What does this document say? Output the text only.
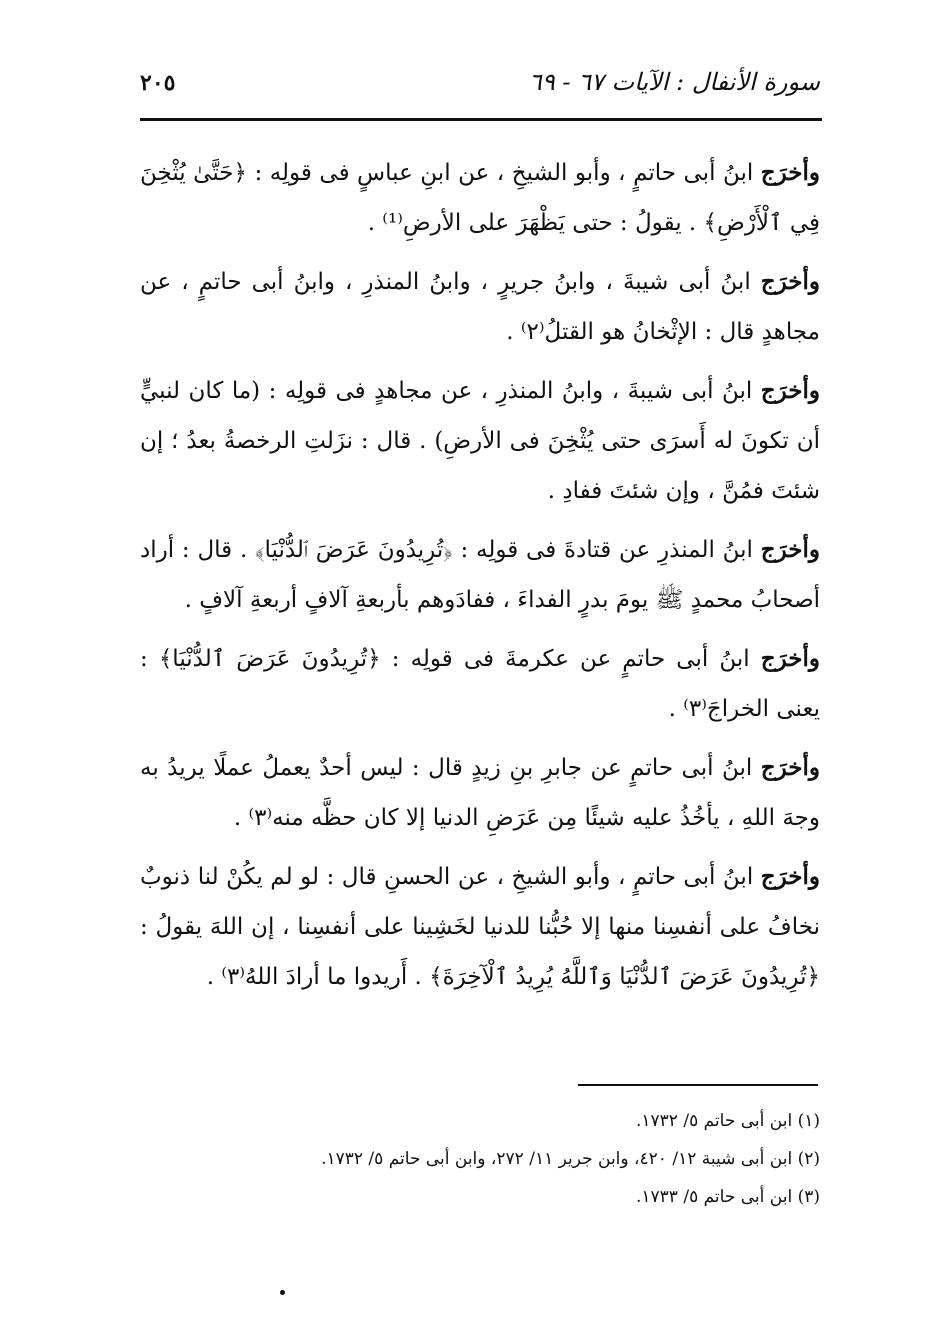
٢٠٥	سورة الأنفال : الآيات ٦٧ - ٦٩

وأخرَج ابنُ أبى حاتمٍ ، وأبو الشيخِ ، عن ابنِ عباسٍ فى قولِه : ﴿حَتَّىٰ يُثْخِنَ فِي ٱلْأَرْضِ﴾ . يقولُ : حتى يَظْهَرَ على الأرضِ⁽¹⁾ .

وأخرَج ابنُ أبى شيبةَ ، وابنُ جريرٍ ، وابنُ المنذرِ ، وابنُ أبى حاتمٍ ، عن مجاهدٍ قال : الإثْخانُ هو القتلُ⁽٢⁾ .

وأخرَج ابنُ أبى شيبةَ ، وابنُ المنذرِ ، عن مجاهدٍ فى قولِه : (ما كان لنبيٍّ أن تكونَ له أَسرَى حتى يُثْخِنَ فى الأرضِ) . قال : نزَلتِ الرخصةُ بعدُ ؛ إن شئتَ فمُنَّ ، وإن شئتَ ففادِ .

وأخرَج ابنُ المنذرِ عن قتادةَ فى قولِه : ﴿تُرِيدُونَ عَرَضَ ٱلدُّنْيَا﴾ . قال : أراد أصحابُ محمدٍ ﷺ يومَ بدرٍ الفداءَ ، ففادَوهم بأربعةِ آلافٍ أربعةِ آلافٍ .

وأخرَج ابنُ أبى حاتمٍ عن عكرمةَ فى قولِه : ﴿تُرِيدُونَ عَرَضَ ٱلدُّنْيَا﴾ : يعنى الخراجَ⁽٣⁾ .

وأخرَج ابنُ أبى حاتمٍ عن جابرِ بنِ زيدٍ قال : ليس أحدٌ يعملُ عملًا يريدُ به وجهَ اللهِ ، يأخُذُ عليه شيئًا مِن عَرَضِ الدنيا إلا كان حظَّه منه⁽٣⁾ .

وأخرَج ابنُ أبى حاتمٍ ، وأبو الشيخِ ، عن الحسنِ قال : لو لم يكُنْ لنا ذنوبٌ نخافُ على أنفسِنا منها إلا حُبُّنا للدنيا لخَشِينا على أنفسِنا ، إن اللهَ يقولُ : ﴿تُرِيدُونَ عَرَضَ ٱلدُّنْيَا وَٱللَّهُ يُرِيدُ ٱلْآخِرَةَ﴾ . أَريدوا ما أرادَ اللهُ⁽٣⁾ .

(١) ابن أبى حاتم ٥/ ١٧٣٢.
(٢) ابن أبى شيبة ١٢/ ٤٢٠، وابن جرير ١١/ ٢٧٢، وابن أبى حاتم ٥/ ١٧٣٢.
(٣) ابن أبى حاتم ٥/ ١٧٣٣.
